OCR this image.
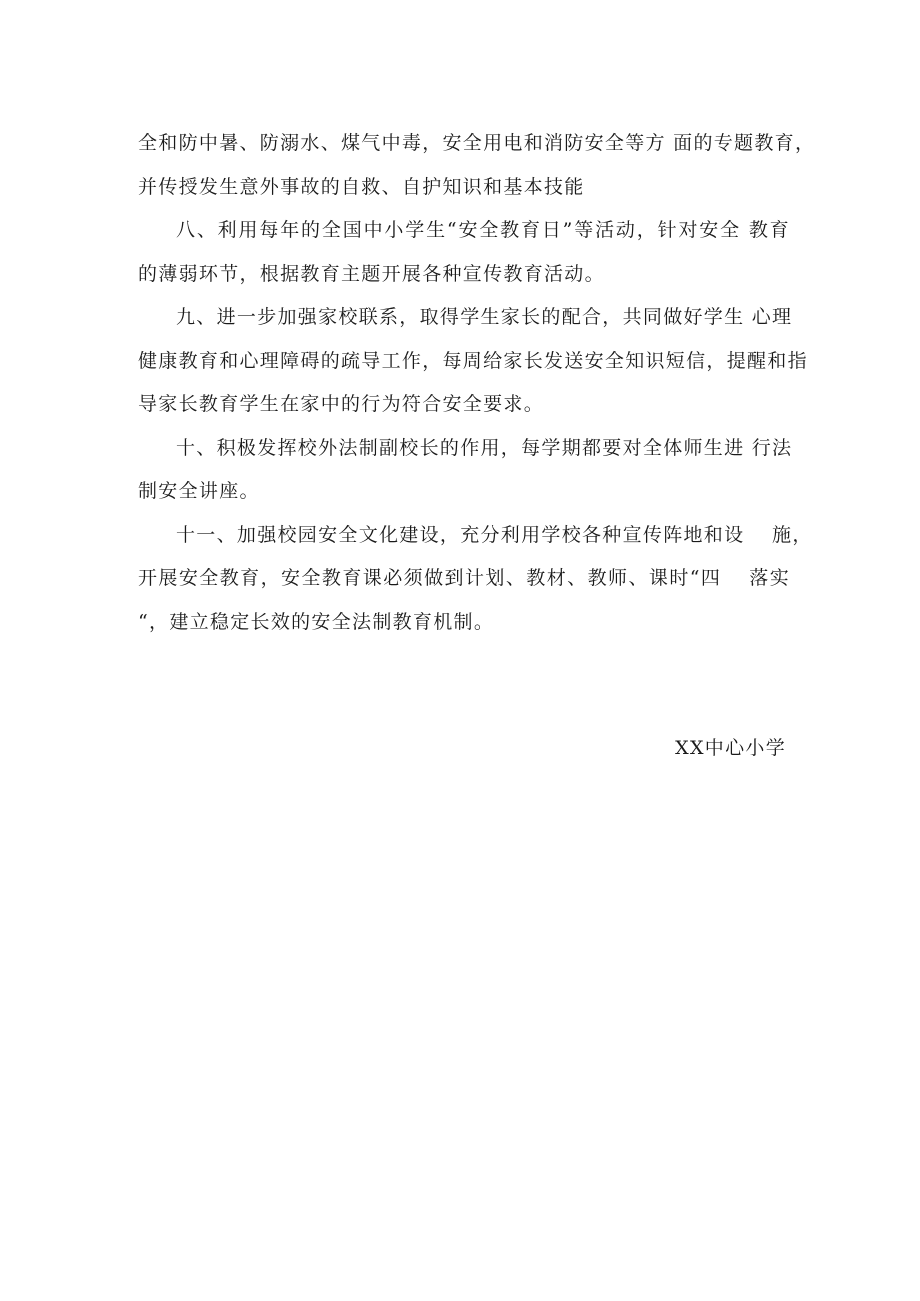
全和防中暑、防溺水、煤气中毒，安全用电和消防安全等方 面的专题教育，
并传授发生意外事故的自救、自护知识和基本技能
八、利用每年的全国中小学生“安全教育日”等活动，针对安全 教育
的薄弱环节，根据教育主题开展各种宣传教育活动。
九、进一步加强家校联系，取得学生家长的配合，共同做好学生 心理
健康教育和心理障碍的疏导工作，每周给家长发送安全知识短信，提醒和指
导家长教育学生在家中的行为符合安全要求。
十、积极发挥校外法制副校长的作用，每学期都要对全体师生进 行法
制安全讲座。
十一、加强校园安全文化建设，充分利用学校各种宣传阵地和设　 施，
开展安全教育，安全教育课必须做到计划、教材、教师、课时“四　 落实
“，建立稳定长效的安全法制教育机制。
XX中心小学
